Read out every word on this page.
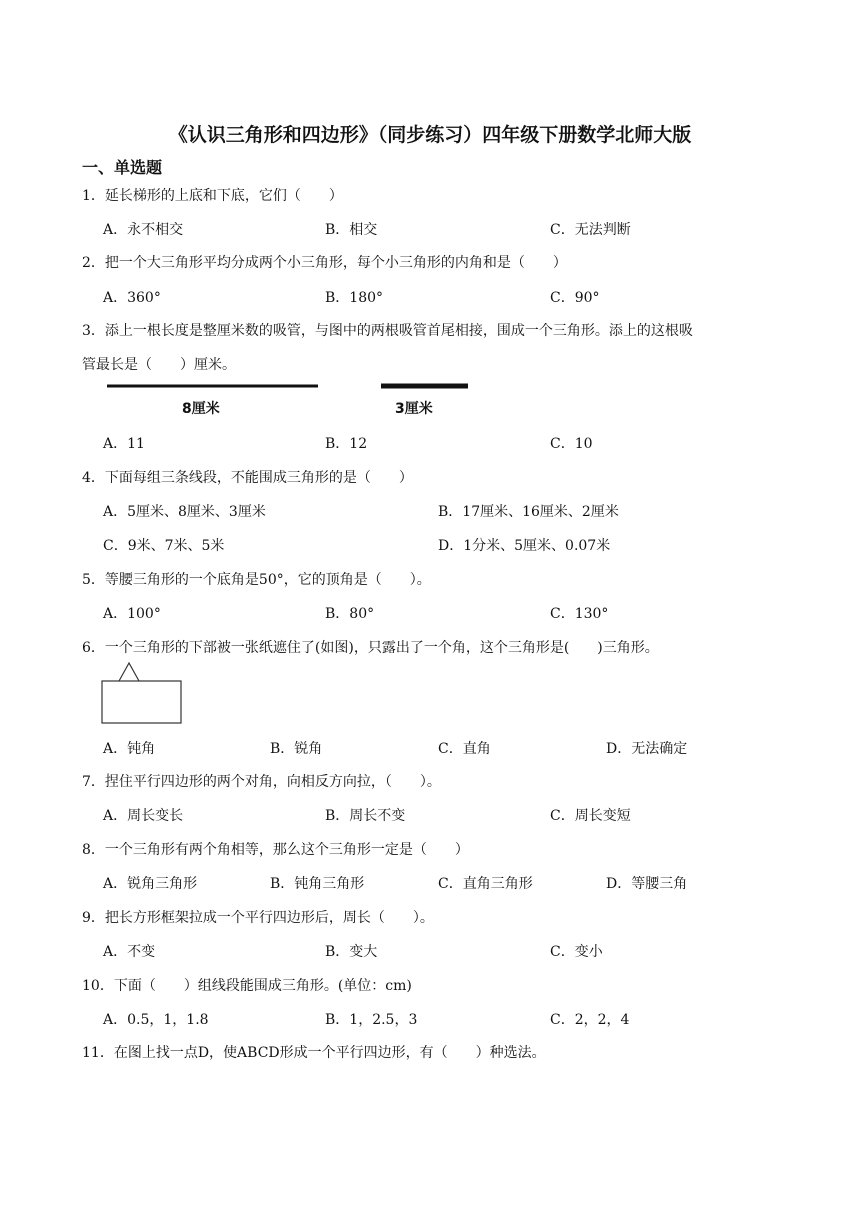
《认识三角形和四边形》（同步练习）四年级下册数学北师大版
一、单选题
1．延长梯形的上底和下底，它们（　　）
A．永不相交	B．相交	C．无法判断
2．把一个大三角形平均分成两个小三角形，每个小三角形的内角和是（　　）
A．360°	B．180°	C．90°
3．添上一根长度是整厘米数的吸管，与图中的两根吸管首尾相接，围成一个三角形。添上的这根吸
管最长是（　　）厘米。
8厘米	3厘米
A．11	B．12	C．10
4．下面每组三条线段，不能围成三角形的是（　　）
A．5厘米、8厘米、3厘米	B．17厘米、16厘米、2厘米
C．9米、7米、5米	D．1分米、5厘米、0.07米
5．等腰三角形的一个底角是50°，它的顶角是（　　）。
A．100°	B．80°	C．130°
6．一个三角形的下部被一张纸遮住了(如图)，只露出了一个角，这个三角形是(　　)三角形。
A．钝角	B．锐角	C．直角	D．无法确定
7．捏住平行四边形的两个对角，向相反方向拉，（　　）。
A．周长变长	B．周长不变	C．周长变短
8．一个三角形有两个角相等，那么这个三角形一定是（　　）
A．锐角三角形	B．钝角三角形	C．直角三角形	D．等腰三角
9．把长方形框架拉成一个平行四边形后，周长（　　）。
A．不变	B．变大	C．变小
10．下面（　　）组线段能围成三角形。(单位：cm)
A．0.5，1，1.8	B．1，2.5，3	C．2，2，4
11．在图上找一点D，使ABCD形成一个平行四边形，有（　　）种选法。
